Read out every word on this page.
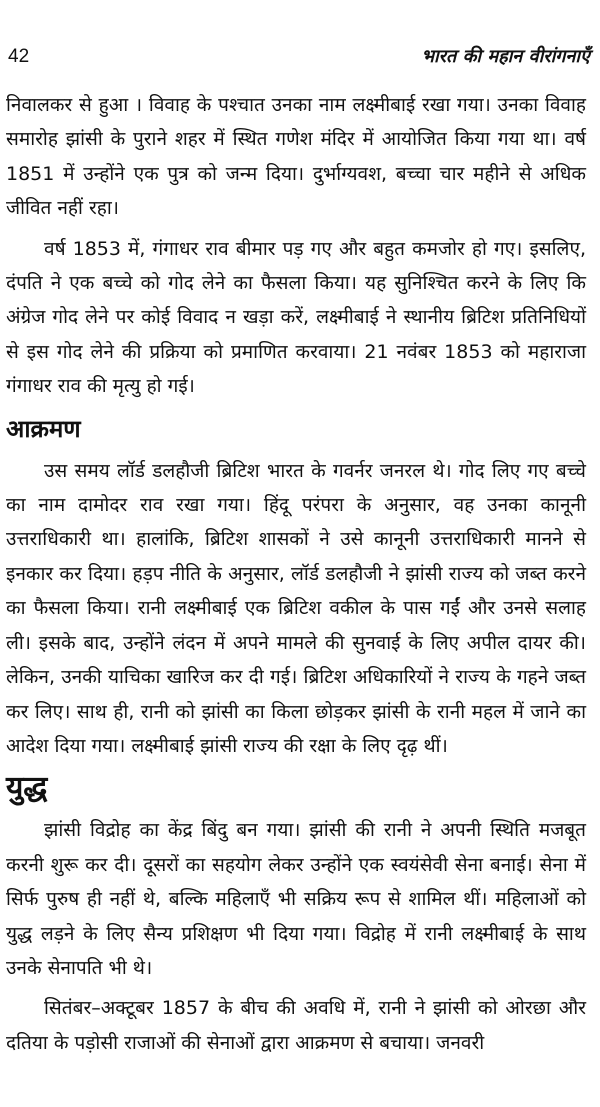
42	भारत की महान वीरांगनाएँ

निवालकर से हुआ । विवाह के पश्चात उनका नाम लक्ष्मीबाई रखा गया। उनका विवाह समारोह झांसी के पुराने शहर में स्थित गणेश मंदिर में आयोजित किया गया था। वर्ष 1851 में उन्होंने एक पुत्र को जन्म दिया। दुर्भाग्यवश, बच्चा चार महीने से अधिक जीवित नहीं रहा।

वर्ष 1853 में, गंगाधर राव बीमार पड़ गए और बहुत कमजोर हो गए। इसलिए, दंपति ने एक बच्चे को गोद लेने का फैसला किया। यह सुनिश्चित करने के लिए कि अंग्रेज गोद लेने पर कोई विवाद न खड़ा करें, लक्ष्मीबाई ने स्थानीय ब्रिटिश प्रतिनिधियों से इस गोद लेने की प्रक्रिया को प्रमाणित करवाया। 21 नवंबर 1853 को महाराजा गंगाधर राव की मृत्यु हो गई।

आक्रमण

उस समय लॉर्ड डलहौजी ब्रिटिश भारत के गवर्नर जनरल थे। गोद लिए गए बच्चे का नाम दामोदर राव रखा गया। हिंदू परंपरा के अनुसार, वह उनका कानूनी उत्तराधिकारी था। हालांकि, ब्रिटिश शासकों ने उसे कानूनी उत्तराधिकारी मानने से इनकार कर दिया। हड़प नीति के अनुसार, लॉर्ड डलहौजी ने झांसी राज्य को जब्त करने का फैसला किया। रानी लक्ष्मीबाई एक ब्रिटिश वकील के पास गईं और उनसे सलाह ली। इसके बाद, उन्होंने लंदन में अपने मामले की सुनवाई के लिए अपील दायर की। लेकिन, उनकी याचिका खारिज कर दी गई। ब्रिटिश अधिकारियों ने राज्य के गहने जब्त कर लिए। साथ ही, रानी को झांसी का किला छोड़कर झांसी के रानी महल में जाने का आदेश दिया गया। लक्ष्मीबाई झांसी राज्य की रक्षा के लिए दृढ़ थीं।

युद्ध

झांसी विद्रोह का केंद्र बिंदु बन गया। झांसी की रानी ने अपनी स्थिति मजबूत करनी शुरू कर दी। दूसरों का सहयोग लेकर उन्होंने एक स्वयंसेवी सेना बनाई। सेना में सिर्फ पुरुष ही नहीं थे, बल्कि महिलाएँ भी सक्रिय रूप से शामिल थीं। महिलाओं को युद्ध लड़ने के लिए सैन्य प्रशिक्षण भी दिया गया। विद्रोह में रानी लक्ष्मीबाई के साथ उनके सेनापति भी थे।

सितंबर–अक्टूबर 1857 के बीच की अवधि में, रानी ने झांसी को ओरछा और दतिया के पड़ोसी राजाओं की सेनाओं द्वारा आक्रमण से बचाया। जनवरी
